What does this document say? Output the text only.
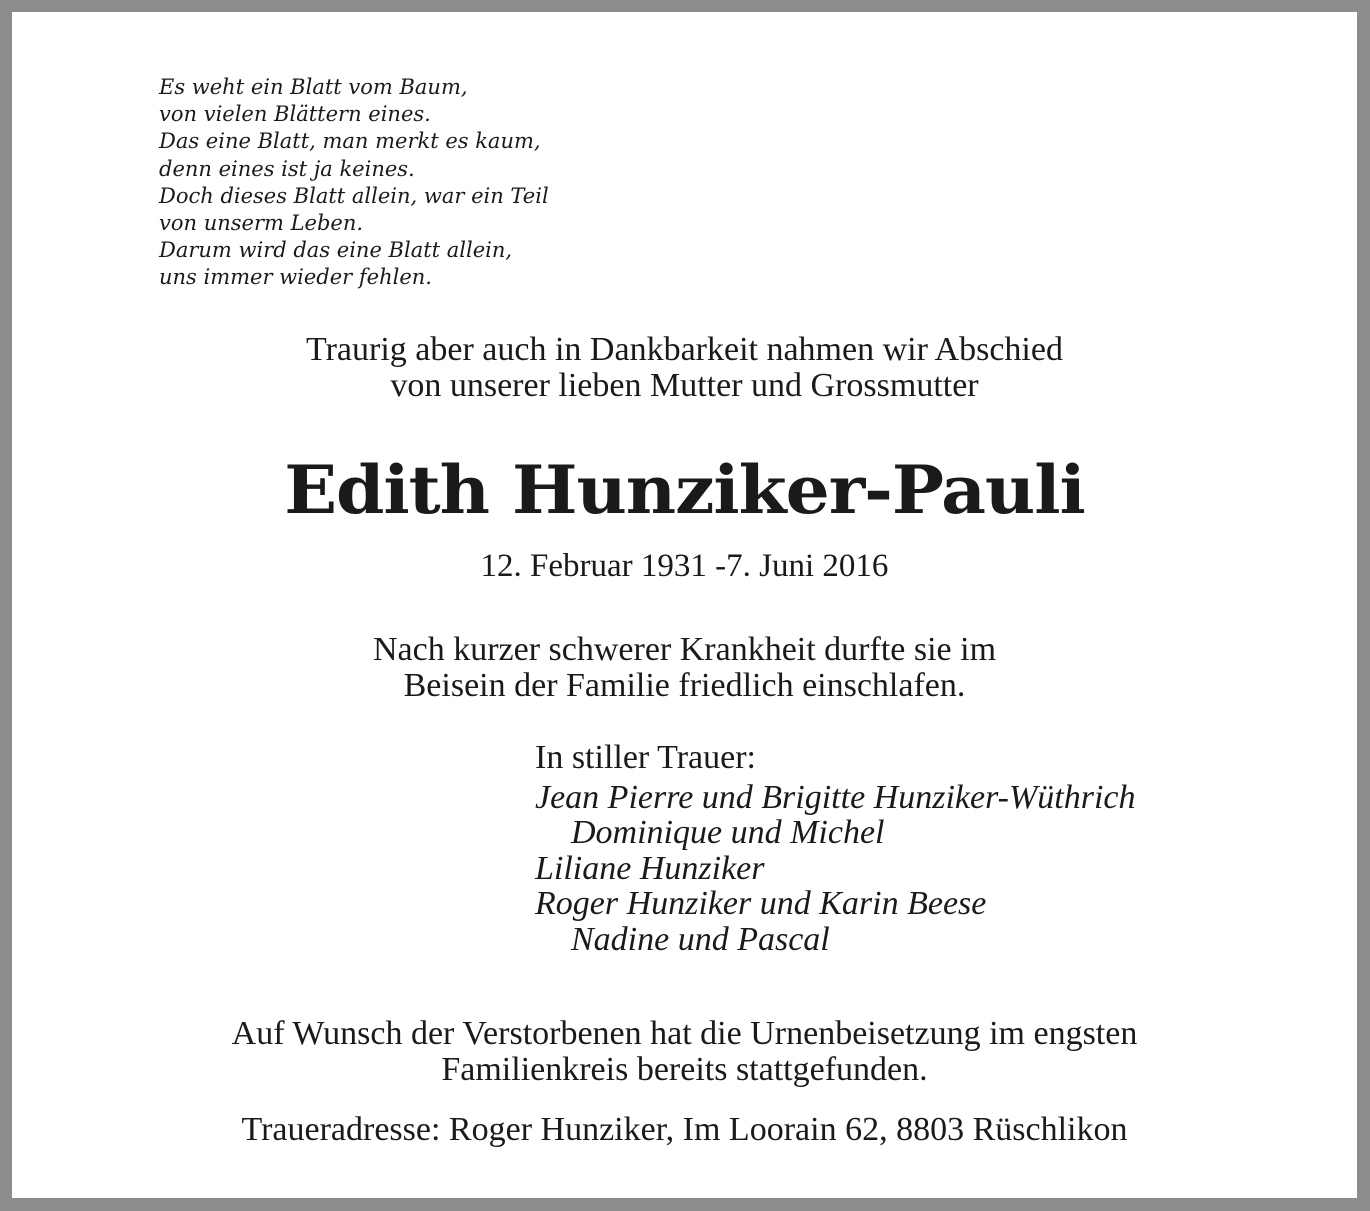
Es weht ein Blatt vom Baum,
von vielen Blättern eines.
Das eine Blatt, man merkt es kaum,
denn eines ist ja keines.
Doch dieses Blatt allein, war ein Teil
von unserm Leben.
Darum wird das eine Blatt allein,
uns immer wieder fehlen.
Traurig aber auch in Dankbarkeit nahmen wir Abschied
von unserer lieben Mutter und Grossmutter
Edith Hunziker-Pauli
12. Februar 1931 -7. Juni 2016
Nach kurzer schwerer Krankheit durfte sie im
Beisein der Familie friedlich einschlafen.
In stiller Trauer:
Jean Pierre und Brigitte Hunziker-Wüthrich
Dominique und Michel
Liliane Hunziker
Roger Hunziker und Karin Beese
Nadine und Pascal
Auf Wunsch der Verstorbenen hat die Urnenbeisetzung im engsten
Familienkreis bereits stattgefunden.
Traueradresse: Roger Hunziker, Im Loorain 62, 8803 Rüschlikon
